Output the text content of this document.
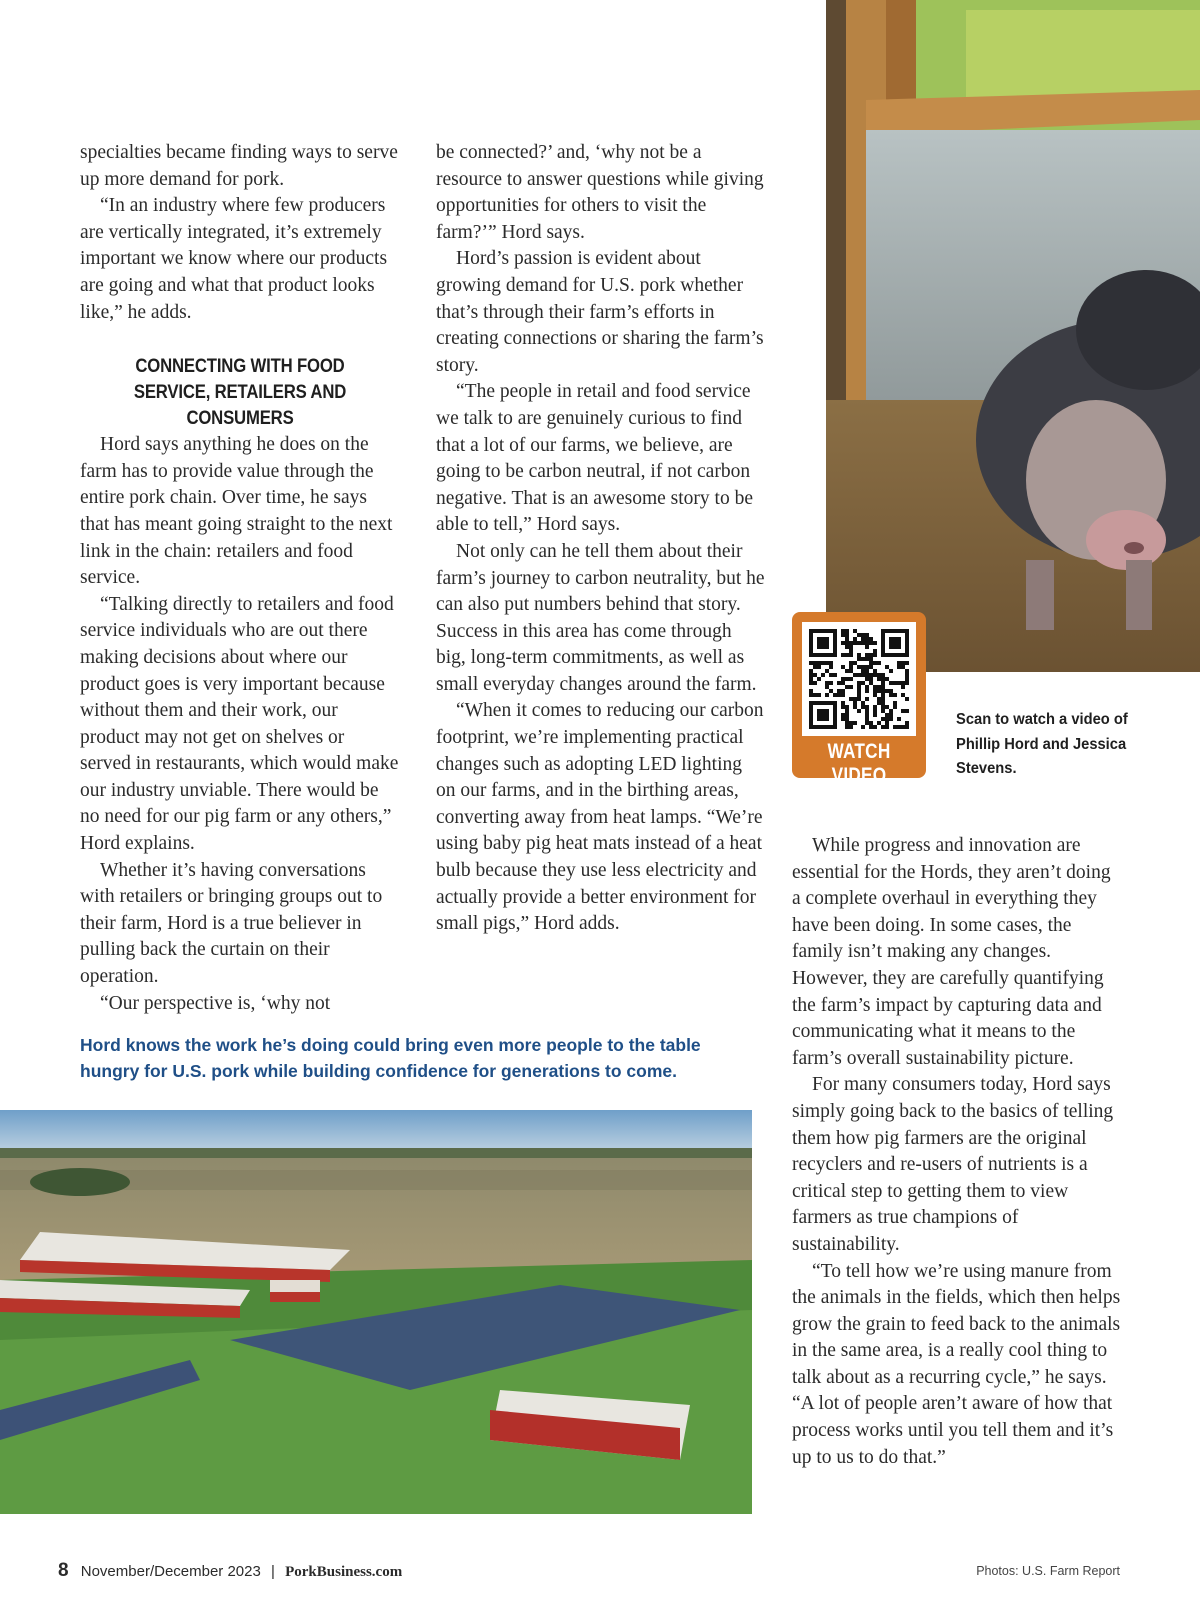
specialties became finding ways to serve up more demand for pork.

“In an industry where few producers are vertically integrated, it’s extremely important we know where our products are going and what that product looks like,” he adds.

CONNECTING WITH FOOD SERVICE, RETAILERS AND CONSUMERS

Hord says anything he does on the farm has to provide value through the entire pork chain. Over time, he says that has meant going straight to the next link in the chain: retailers and food service.

“Talking directly to retailers and food service individuals who are out there making decisions about where our product goes is very important because without them and their work, our product may not get on shelves or served in restaurants, which would make our industry unviable. There would be no need for our pig farm or any others,” Hord explains.

Whether it’s having conversations with retailers or bringing groups out to their farm, Hord is a true believer in pulling back the curtain on their operation.

“Our perspective is, ‘why not

be connected?’ and, ‘why not be a resource to answer questions while giving opportunities for others to visit the farm?’” Hord says.

Hord’s passion is evident about growing demand for U.S. pork whether that’s through their farm’s efforts in creating connections or sharing the farm’s story.

“The people in retail and food service we talk to are genuinely curious to find that a lot of our farms, we believe, are going to be carbon neutral, if not carbon negative. That is an awesome story to be able to tell,” Hord says.

Not only can he tell them about their farm’s journey to carbon neutrality, but he can also put numbers behind that story. Success in this area has come through big, long-term commitments, as well as small everyday changes around the farm.

“When it comes to reducing our carbon footprint, we’re implementing practical changes such as adopting LED lighting on our farms, and in the birthing areas, converting away from heat lamps. “We’re using baby pig heat mats instead of a heat bulb because they use less electricity and actually provide a better environment for small pigs,” Hord adds.

WATCH VIDEO
Scan to watch a video of Phillip Hord and Jessica Stevens.

While progress and innovation are essential for the Hords, they aren’t doing a complete overhaul in everything they have been doing. In some cases, the family isn’t making any changes. However, they are carefully quantifying the farm’s impact by capturing data and communicating what it means to the farm’s overall sustainability picture.

For many consumers today, Hord says simply going back to the basics of telling them how pig farmers are the original recyclers and re-users of nutrients is a critical step to getting them to view farmers as true champions of sustainability.

“To tell how we’re using manure from the animals in the fields, which then helps grow the grain to feed back to the animals in the same area, is a really cool thing to talk about as a recurring cycle,” he says. “A lot of people aren’t aware of how that process works until you tell them and it’s up to us to do that.”

Hord knows the work he’s doing could bring even more people to the table hungry for U.S. pork while building confidence for generations to come.
8 November/December 2023 | PorkBusiness.com	Photos: U.S. Farm Report
